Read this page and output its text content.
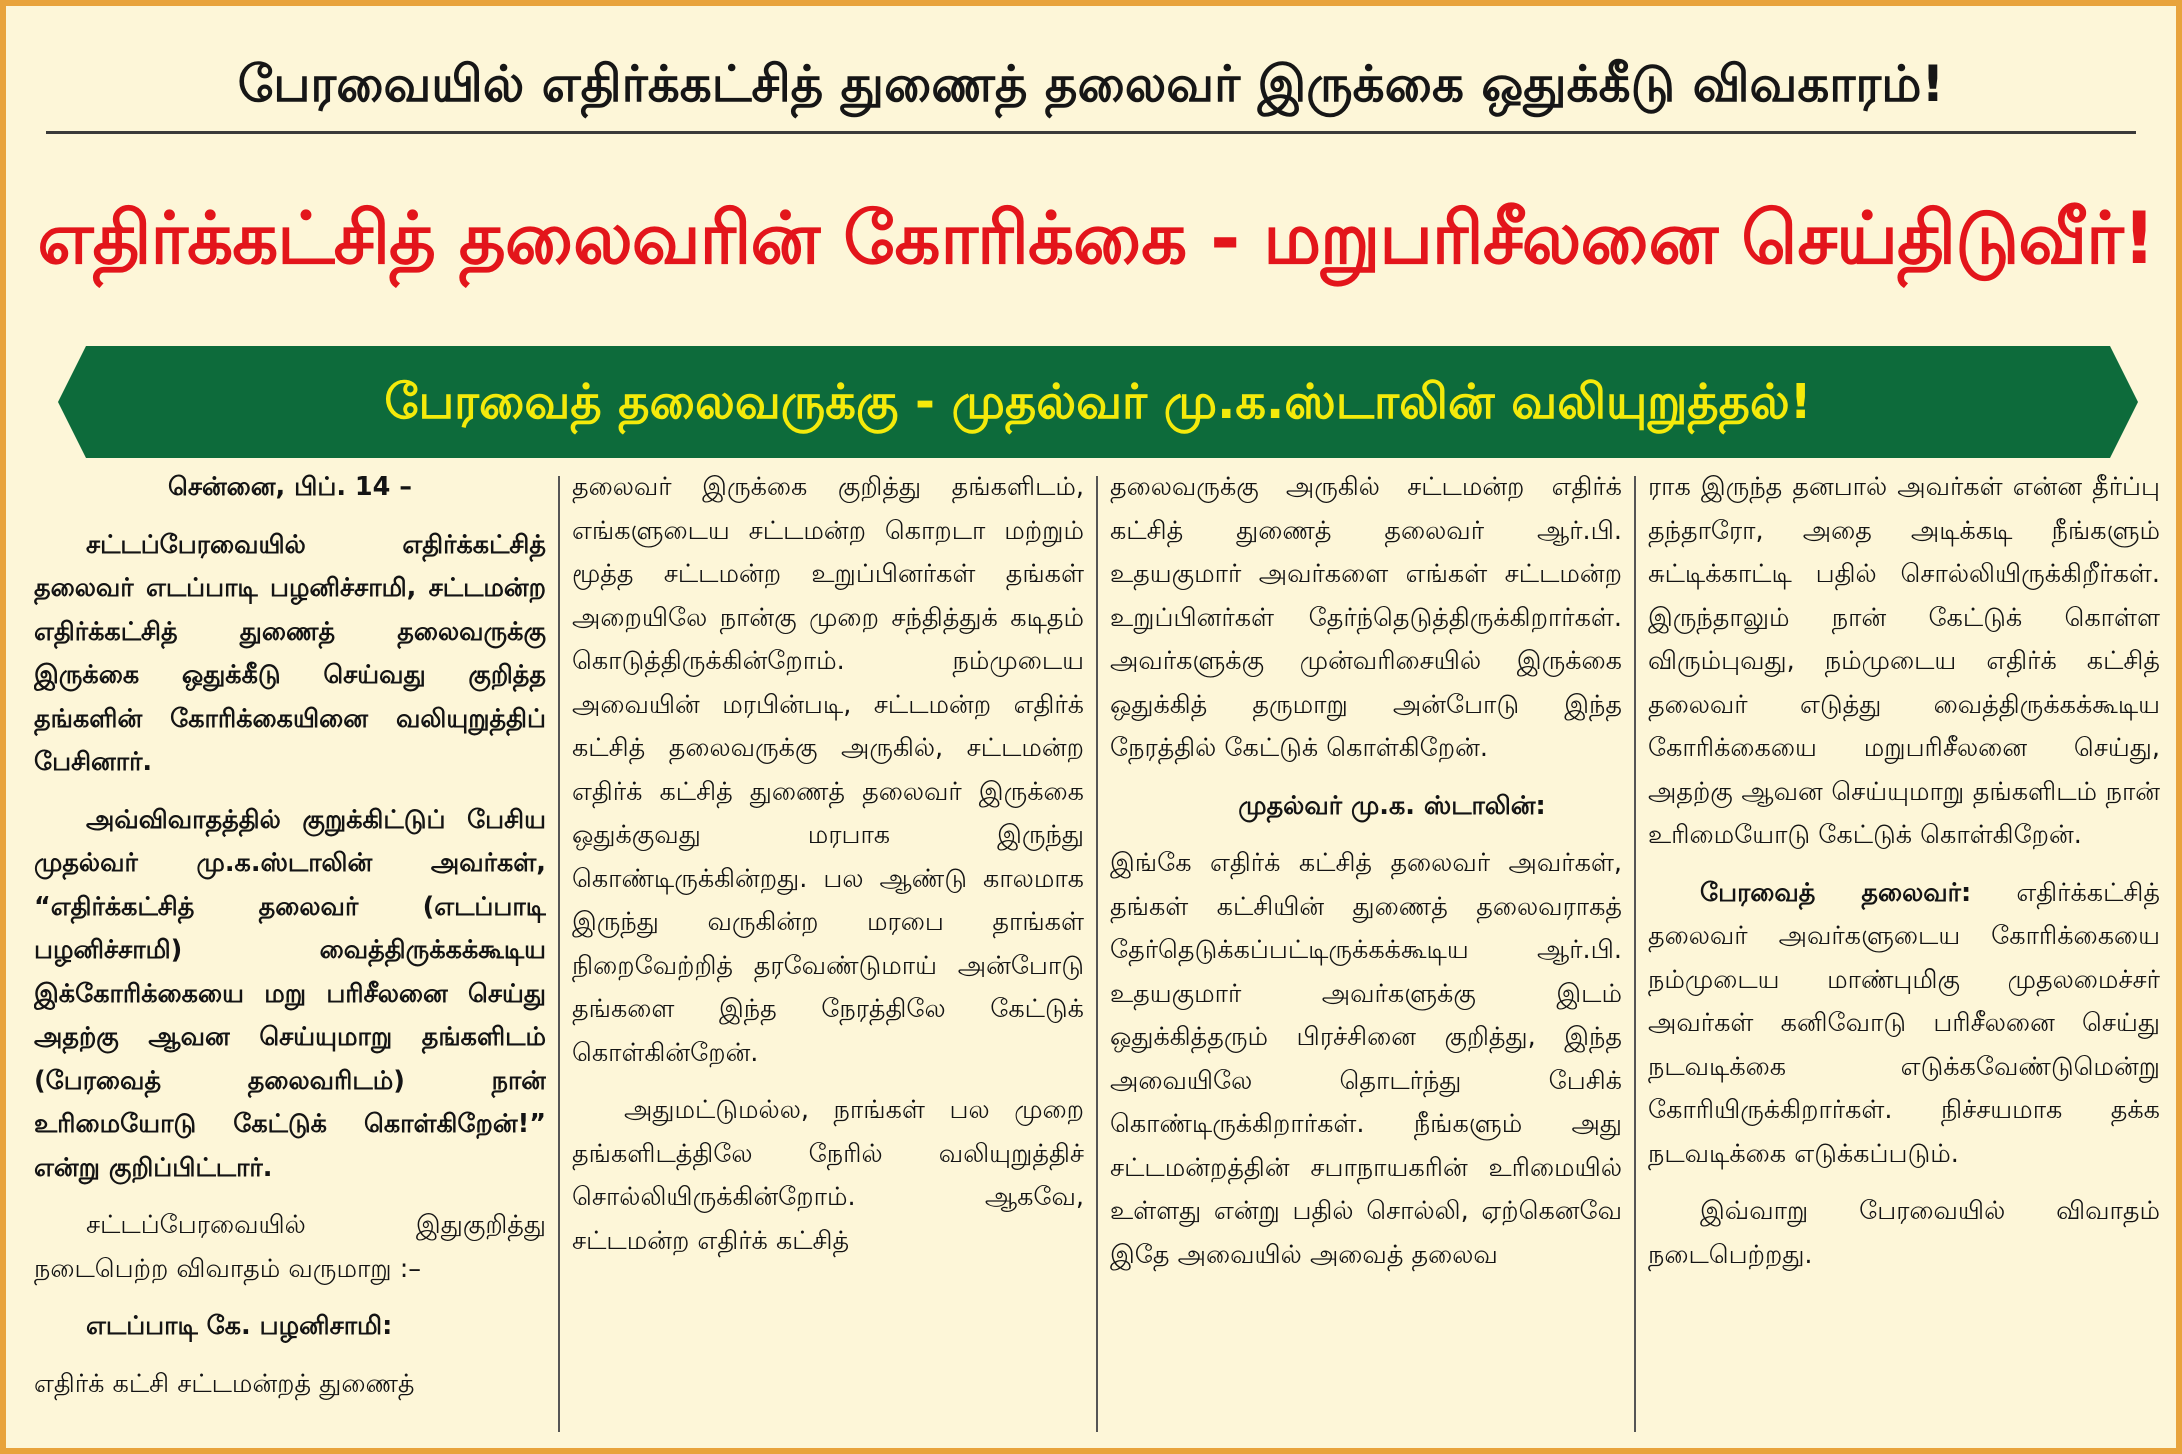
பேரவையில் எதிர்க்கட்சித் துணைத் தலைவர் இருக்கை ஒதுக்கீடு விவகாரம்!
எதிர்க்கட்சித் தலைவரின் கோரிக்கை - மறுபரிசீலனை செய்திடுவீர்!
பேரவைத் தலைவருக்கு - முதல்வர் மு.க.ஸ்டாலின் வலியுறுத்தல்!

சென்னை, பிப். 14 –

சட்டப்பேரவையில் எதிர்க்கட்சித் தலைவர் எடப்பாடி பழனிச்சாமி, சட்டமன்ற எதிர்க்கட்சித் துணைத் தலைவருக்கு இருக்கை ஒதுக்கீடு செய்வது குறித்த தங்களின் கோரிக்கையினை வலியுறுத்திப் பேசினார்.

அவ்விவாதத்தில் குறுக்கிட்டுப் பேசிய முதல்வர் மு.க.ஸ்டாலின் அவர்கள், “எதிர்க்கட்சித் தலைவர் (எடப்பாடி பழனிச்சாமி) வைத்திருக்கக்கூடிய இக்கோரிக்கையை மறு பரிசீலனை செய்து அதற்கு ஆவன செய்யுமாறு தங்களிடம் (பேரவைத் தலைவரிடம்) நான் உரிமையோடு கேட்டுக் கொள்கிறேன்!” என்று குறிப்பிட்டார்.

சட்டப்பேரவையில் இதுகுறித்து நடைபெற்ற விவாதம் வருமாறு :–

எடப்பாடி கே. பழனிசாமி:

எதிர்க் கட்சி சட்டமன்றத் துணைத்

தலைவர் இருக்கை குறித்து தங்களிடம், எங்களுடைய சட்டமன்ற கொறடா மற்றும் மூத்த சட்டமன்ற உறுப்பினர்கள் தங்கள் அறையிலே நான்கு முறை சந்தித்துக் கடிதம் கொடுத்திருக்கின்றோம். நம்முடைய அவையின் மரபின்படி, சட்டமன்ற எதிர்க் கட்சித் தலைவருக்கு அருகில், சட்டமன்ற எதிர்க் கட்சித் துணைத் தலைவர் இருக்கை ஒதுக்குவது மரபாக இருந்து கொண்டிருக்கின்றது. பல ஆண்டு காலமாக இருந்து வருகின்ற மரபை தாங்கள் நிறைவேற்றித் தரவேண்டுமாய் அன்போடு தங்களை இந்த நேரத்திலே கேட்டுக் கொள்கின்றேன்.

அதுமட்டுமல்ல, நாங்கள் பல முறை தங்களிடத்திலே நேரில் வலியுறுத்திச் சொல்லியிருக்கின்றோம். ஆகவே, சட்டமன்ற எதிர்க் கட்சித்

தலைவருக்கு அருகில் சட்டமன்ற எதிர்க் கட்சித் துணைத் தலைவர் ஆர்.பி. உதயகுமார் அவர்களை எங்கள் சட்டமன்ற உறுப்பினர்கள் தேர்ந்தெடுத்திருக்கிறார்கள். அவர்களுக்கு முன்வரிசையில் இருக்கை ஒதுக்கித் தருமாறு அன்போடு இந்த நேரத்தில் கேட்டுக் கொள்கிறேன்.

முதல்வர் மு.க. ஸ்டாலின்:

இங்கே எதிர்க் கட்சித் தலைவர் அவர்கள், தங்கள் கட்சியின் துணைத் தலைவராகத் தேர்தெடுக்கப்பட்டிருக்கக்கூடிய ஆர்.பி. உதயகுமார் அவர்களுக்கு இடம் ஒதுக்கித்தரும் பிரச்சினை குறித்து, இந்த அவையிலே தொடர்ந்து பேசிக் கொண்டிருக்கிறார்கள். நீங்களும் அது சட்டமன்றத்தின் சபாநாயகரின் உரிமையில் உள்ளது என்று பதில் சொல்லி, ஏற்கெனவே இதே அவையில் அவைத் தலைவ

ராக இருந்த தனபால் அவர்கள் என்ன தீர்ப்பு தந்தாரோ, அதை அடிக்கடி நீங்களும் சுட்டிக்காட்டி பதில் சொல்லியிருக்கிறீர்கள். இருந்தாலும் நான் கேட்டுக் கொள்ள விரும்புவது, நம்முடைய எதிர்க் கட்சித் தலைவர் எடுத்து வைத்திருக்கக்கூடிய கோரிக்கையை மறுபரிசீலனை செய்து, அதற்கு ஆவன செய்யுமாறு தங்களிடம் நான் உரிமையோடு கேட்டுக் கொள்கிறேன்.

பேரவைத் தலைவர்: எதிர்க்கட்சித் தலைவர் அவர்களுடைய கோரிக்கையை நம்முடைய மாண்புமிகு முதலமைச்சர் அவர்கள் கனிவோடு பரிசீலனை செய்து நடவடிக்கை எடுக்கவேண்டுமென்று கோரியிருக்கிறார்கள். நிச்சயமாக தக்க நடவடிக்கை எடுக்கப்படும்.

இவ்வாறு பேரவையில் விவாதம் நடைபெற்றது.
